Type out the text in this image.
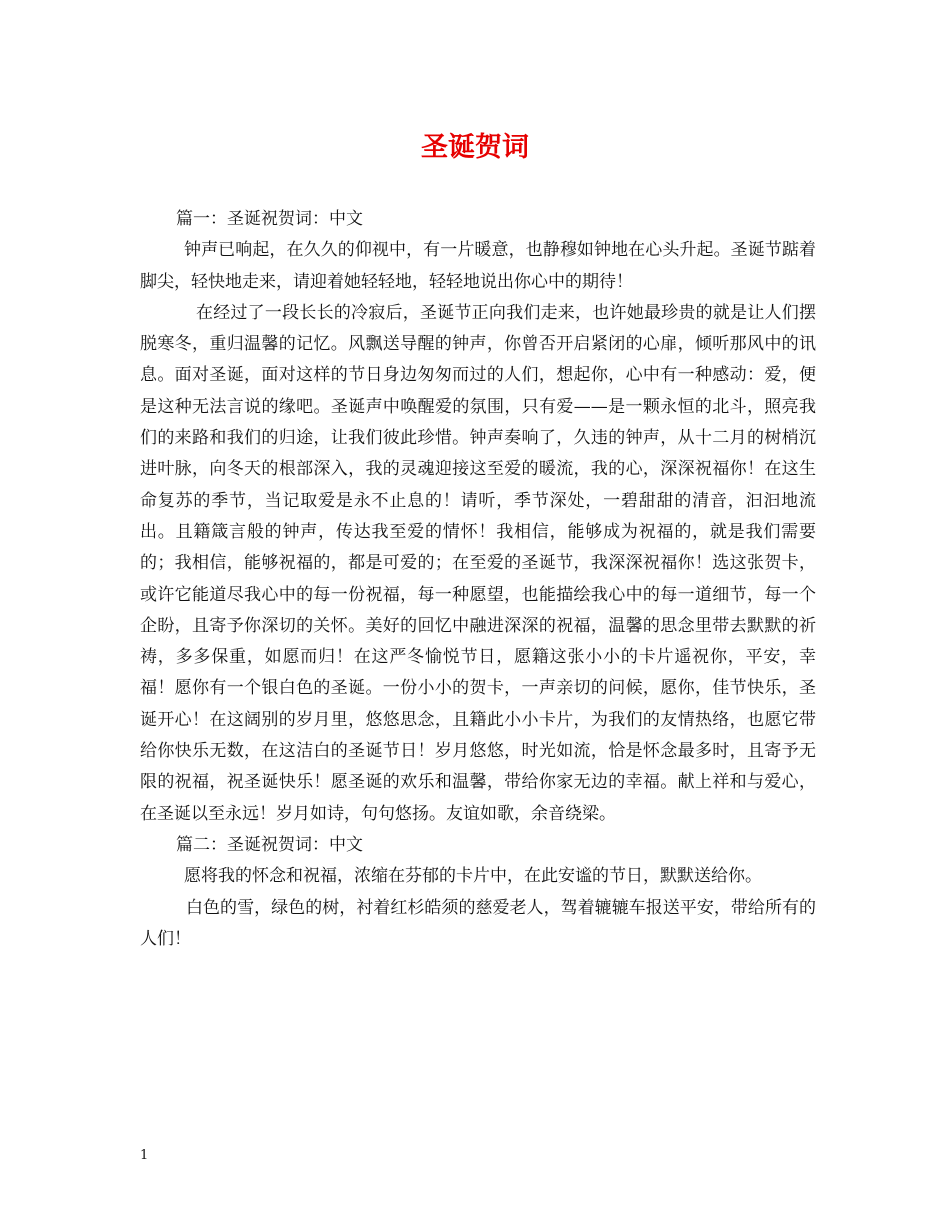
圣诞贺词

篇一：圣诞祝贺词：中文

钟声已响起，在久久的仰视中，有一片暖意，也静穆如钟地在心头升起。圣诞节踮着脚尖，轻快地走来，请迎着她轻轻地，轻轻地说出你心中的期待！

在经过了一段长长的冷寂后，圣诞节正向我们走来，也许她最珍贵的就是让人们摆脱寒冬，重归温馨的记忆。风飘送导醒的钟声，你曾否开启紧闭的心扉，倾听那风中的讯息。面对圣诞，面对这样的节日身边匆匆而过的人们，想起你，心中有一种感动：爱，便是这种无法言说的缘吧。圣诞声中唤醒爱的氛围，只有爱——是一颗永恒的北斗，照亮我们的来路和我们的归途，让我们彼此珍惜。钟声奏响了，久违的钟声，从十二月的树梢沉进叶脉，向冬天的根部深入，我的灵魂迎接这至爱的暖流，我的心，深深祝福你！在这生命复苏的季节，当记取爱是永不止息的！请听，季节深处，一碧甜甜的清音，汩汩地流出。且籍箴言般的钟声，传达我至爱的情怀！我相信，能够成为祝福的，就是我们需要的；我相信，能够祝福的，都是可爱的；在至爱的圣诞节，我深深祝福你！选这张贺卡，或许它能道尽我心中的每一份祝福，每一种愿望，也能描绘我心中的每一道细节，每一个企盼，且寄予你深切的关怀。美好的回忆中融进深深的祝福，温馨的思念里带去默默的祈祷，多多保重，如愿而归！在这严冬愉悦节日，愿籍这张小小的卡片遥祝你，平安，幸福！愿你有一个银白色的圣诞。一份小小的贺卡，一声亲切的问候，愿你，佳节快乐，圣诞开心！在这阔别的岁月里，悠悠思念，且籍此小小卡片，为我们的友情热络，也愿它带给你快乐无数，在这洁白的圣诞节日！岁月悠悠，时光如流，恰是怀念最多时，且寄予无限的祝福，祝圣诞快乐！愿圣诞的欢乐和温馨，带给你家无边的幸福。献上祥和与爱心，在圣诞以至永远！岁月如诗，句句悠扬。友谊如歌，余音绕梁。

篇二：圣诞祝贺词：中文

愿将我的怀念和祝福，浓缩在芬郁的卡片中，在此安谧的节日，默默送给你。

白色的雪，绿色的树，衬着红杉皓须的慈爱老人，驾着辘辘车报送平安，带给所有的人们！

1
